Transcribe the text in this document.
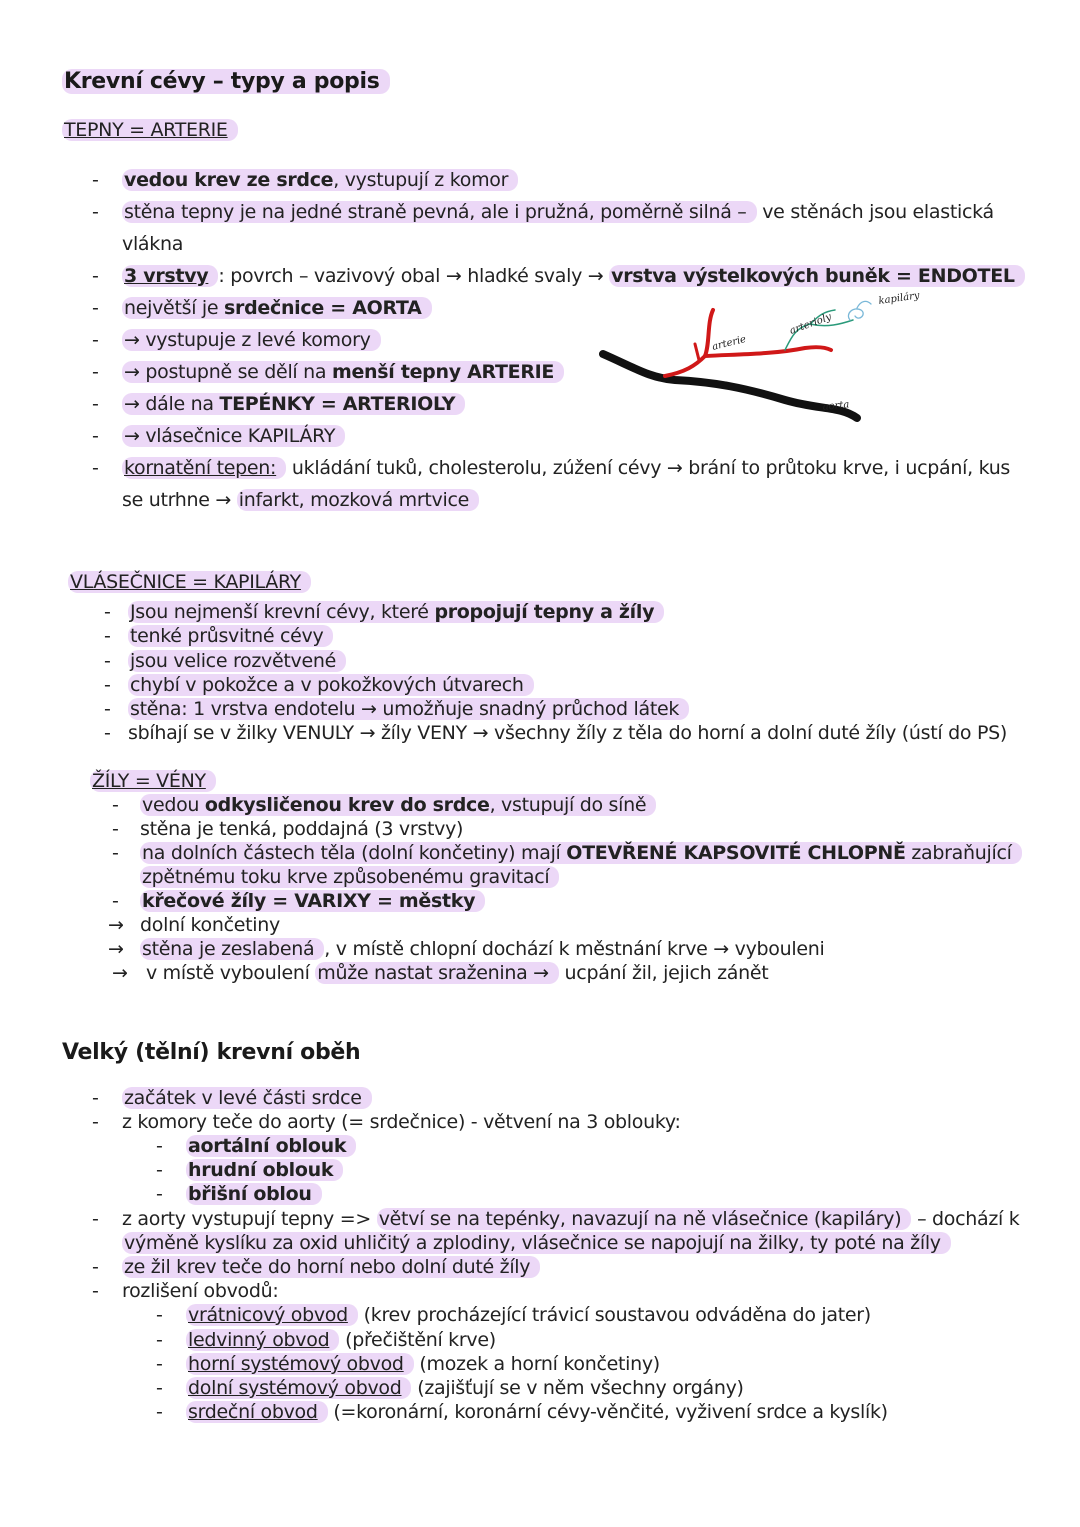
Krevní cévy – typy a popis
TEPNY = ARTERIE
- vedou krev ze srdce, vystupují z komor
- stěna tepny je na jedné straně pevná, ale i pružná, poměrně silná – ve stěnách jsou elastická
vlákna
- 3 vrstvy : povrch – vazivový obal → hladké svaly → vrstva výstelkových buněk = ENDOTEL
- největší je srdečnice = AORTA
- → vystupuje z levé komory
- → postupně se dělí na menší tepny ARTERIE
- → dále na TEPÉNKY = ARTERIOLY
- → vlásečnice KAPILÁRY
- kornatění tepen: ukládání tuků, cholesterolu, zúžení cévy → brání to průtoku krve, i ucpání, kus
se utrhne → infarkt, mozková mrtvice
arterie
arterioly
kapiláry
aorta
VLÁSEČNICE = KAPILÁRY
- Jsou nejmenší krevní cévy, které propojují tepny a žíly
- tenké průsvitné cévy
- jsou velice rozvětvené
- chybí v pokožce a v pokožkových útvarech
- stěna: 1 vrstva endotelu → umožňuje snadný průchod látek
- sbíhají se v žilky VENULY → žíly VENY → všechny žíly z těla do horní a dolní duté žíly (ústí do PS)
ŽÍLY = VÉNY
- vedou odkysličenou krev do srdce, vstupují do síně
- stěna je tenká, poddajná (3 vrstvy)
- na dolních částech těla (dolní končetiny) mají OTEVŘENÉ KAPSOVITÉ CHLOPNĚ zabraňující
zpětnému toku krve způsobenému gravitací
- křečové žíly = VARIXY = městky
→ dolní končetiny
→ stěna je zeslabená , v místě chlopní dochází k městnání krve → vybouleni
→ v místě vyboulení může nastat sraženina → ucpání žil, jejich zánět
Velký (tělní) krevní oběh
- začátek v levé části srdce
- z komory teče do aorty (= srdečnice) - větvení na 3 oblouky:
- aortální oblouk
- hrudní oblouk
- břišní oblou
- z aorty vystupují tepny => větví se na tepénky, navazují na ně vlásečnice (kapiláry) – dochází k
výměně kyslíku za oxid uhličitý a zplodiny, vlásečnice se napojují na žilky, ty poté na žíly
- ze žil krev teče do horní nebo dolní duté žíly
- rozlišení obvodů:
- vrátnicový obvod (krev procházející trávicí soustavou odváděna do jater)
- ledvinný obvod (přečištění krve)
- horní systémový obvod (mozek a horní končetiny)
- dolní systémový obvod (zajišťují se v něm všechny orgány)
- srdeční obvod (=koronární, koronární cévy-věnčité, vyživení srdce a kyslík)
